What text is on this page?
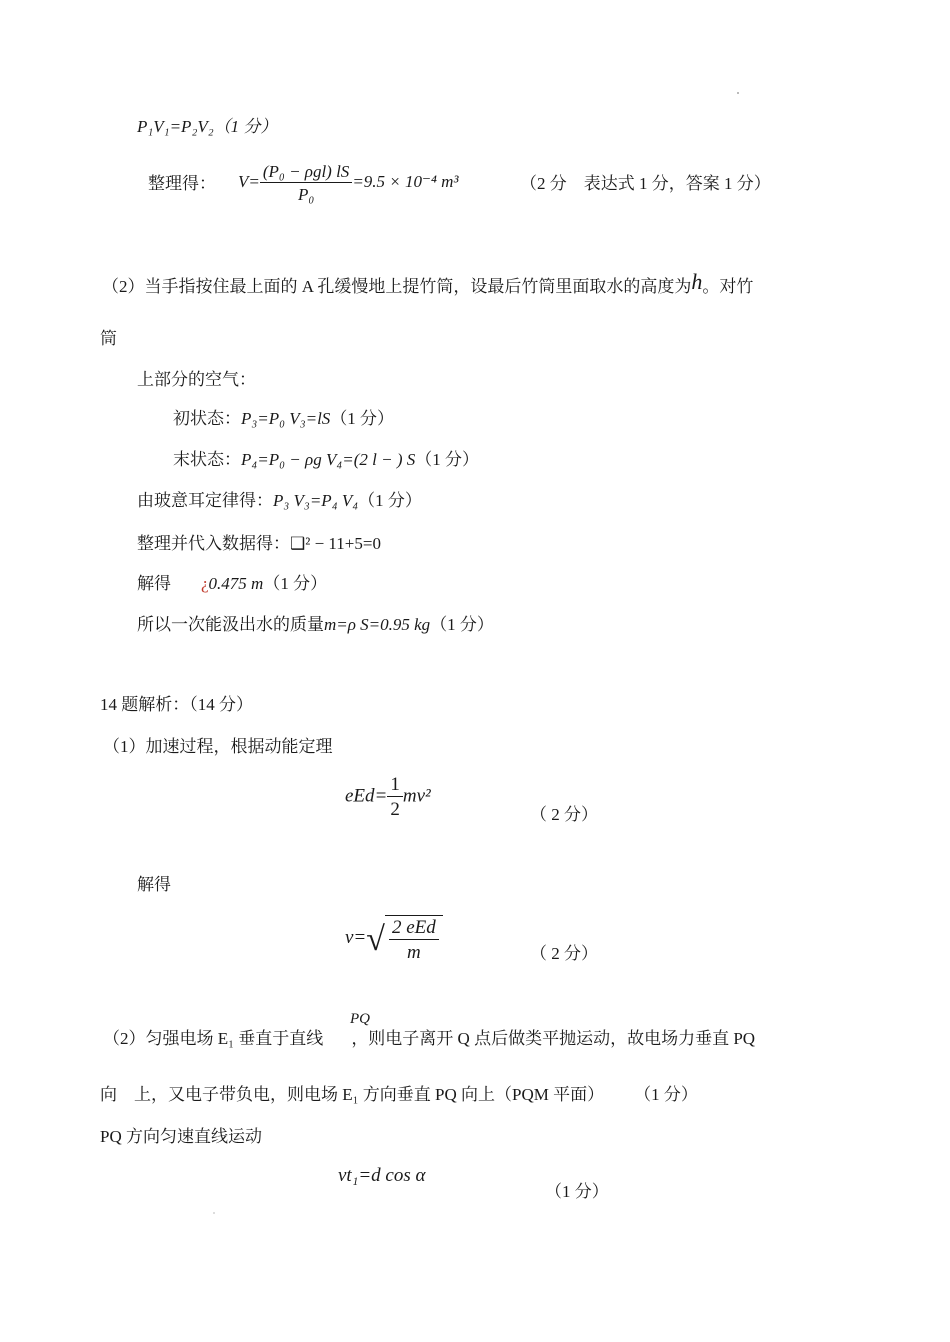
P₁V₁=P₂V₂（1 分）
整理得： $V= \frac{\text{(P₀ − ρgl) lS}}{\text{P₀}} =9.5 \times 10^{-4}$ m³	（2 分　表达式 1 分，答案 1 分）
（2）当手指按住最上面的 A 孔缓慢地上提竹筒，设最后竹筒里面取水的高度为h。对竹
筒
上部分的空气：
初状态：P₃=P₀ V₃=lS（1 分）
末状态：P₄=P₀ − ρg V₄=(2 l − ) S（1 分）
由玻意耳定律得：P₃ V₃=P₄ V₄（1 分）
整理并代入数据得：❑² − 11+5=0
解得 ¿0.475 m（1 分）
所以一次能汲出水的质量m=ρ S=0.95 kg（1 分）
14 题解析：（14 分）
（1）加速过程，根据动能定理
$eEd= \frac{1}{2} mv^2$
（ 2 分）
解得
$v=√ \frac{\text{2 eEd}}{m}$	（ 2 分）
PQ
（2）匀强电场 E₁ 垂直于直线 ，则电子离开 Q 点后做类平抛运动，故电场力垂直 PQ
向　上，又电子带负电，则电场 E₁ 方向垂直 PQ 向上（PQM 平面） （1 分）
PQ 方向匀速直线运动
vt₁=d cos α
（1 分）
